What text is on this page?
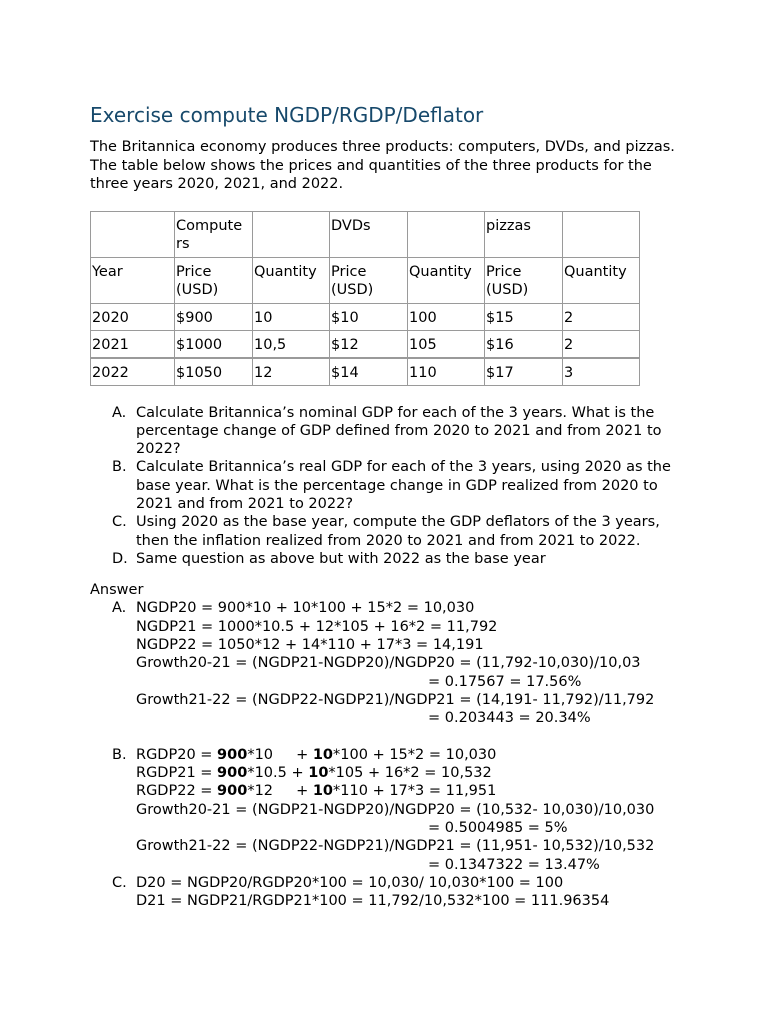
Exercise compute NGDP/RGDP/Deflator

The Britannica economy produces three products: computers, DVDs, and pizzas. The table below shows the prices and quantities of the three products for the three years 2020, 2021, and 2022.

	Compute rs		DVDs		pizzas	
Year	Price (USD)	Quantity	Price (USD)	Quantity	Price (USD)	Quantity
2020	$900	10	$10	100	$15	2
2021	$1000	10,5	$12	105	$16	2
2022	$1050	12	$14	110	$17	3
A. Calculate Britannica’s nominal GDP for each of the 3 years. What is the percentage change of GDP defined from 2020 to 2021 and from 2021 to 2022?
B. Calculate Britannica’s real GDP for each of the 3 years, using 2020 as the base year. What is the percentage change in GDP realized from 2020 to 2021 and from 2021 to 2022?
C. Using 2020 as the base year, compute the GDP deflators of the 3 years, then the inflation realized from 2020 to 2021 and from 2021 to 2022.
D. Same question as above but with 2022 as the base year
Answer
A. NGDP20 = 900*10 + 10*100 + 15*2 = 10,030
NGDP21 = 1000*10.5 + 12*105 + 16*2 = 11,792
NGDP22 = 1050*12 + 14*110 + 17*3 = 14,191
Growth20-21 = (NGDP21-NGDP20)/NGDP20 = (11,792-10,030)/10,03
= 0.17567 = 17.56%
Growth21-22 = (NGDP22-NGDP21)/NGDP21 = (14,191- 11,792)/11,792
= 0.203443 = 20.34%
B. RGDP20 = 900*10     + 10*100 + 15*2 = 10,030
RGDP21 = 900*10.5 + 10*105 + 16*2 = 10,532
RGDP22 = 900*12     + 10*110 + 17*3 = 11,951
Growth20-21 = (NGDP21-NGDP20)/NGDP20 = (10,532- 10,030)/10,030
= 0.5004985 = 5%
Growth21-22 = (NGDP22-NGDP21)/NGDP21 = (11,951- 10,532)/10,532
= 0.1347322 = 13.47%
C. D20 = NGDP20/RGDP20*100 = 10,030/ 10,030*100 = 100
D21 = NGDP21/RGDP21*100 = 11,792/10,532*100 = 111.96354
